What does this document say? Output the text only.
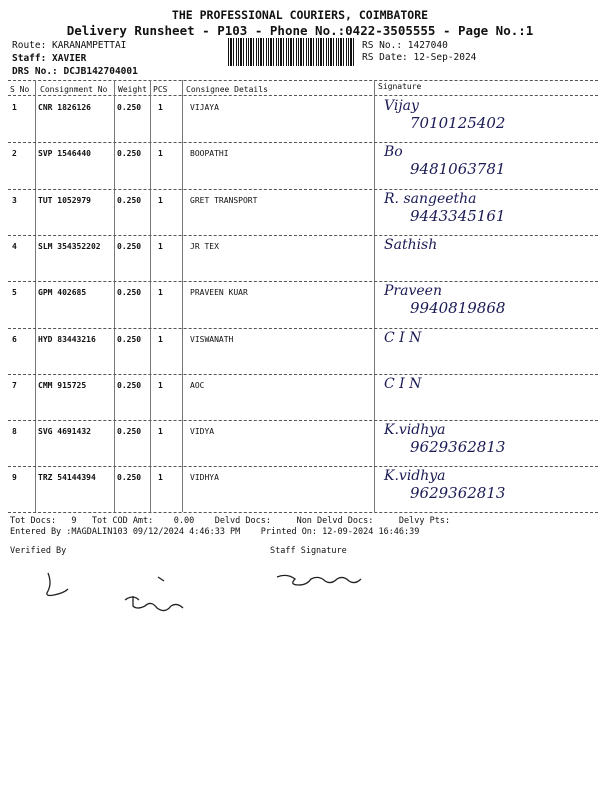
THE PROFESSIONAL COURIERS, COIMBATORE
Delivery Runsheet - P103 - Phone No.:0422-3505555 - Page No.:1
Route: KARANAMPETTAI
Staff: XAVIER
DRS No.: DCJB142704001
RS No.: 1427040
RS Date: 12-Sep-2024
S No Consignment No Weight PCS Consignee Details	Signature
1	CNR 1826126	0.250 1	VIJAYA	Vijay
7010125402
2	SVP 1546440	0.250 1	BOOPATHI	Bo
9481063781
3	TUT 1052979	0.250 1	GRET TRANSPORT	R. sangeetha
9443345161
4	SLM 354352202 0.250 1	JR TEX	Sathish
5	GPM 402685	0.250 1	PRAVEEN KUAR	Praveen
9940819868
6	HYD 83443216	0.250 1	VISWANATH	C I N
7	CMM 915725	0.250 1	AOC	C I N
8	SVG 4691432	0.250 1	VIDYA	K.vidhya
9629362813
9	TRZ 54144394	0.250 1	VIDHYA	K.vidhya
9629362813
Tot Docs:   9   Tot COD Amt:    0.00    Delvd Docs:     Non Delvd Docs:     Delvy Pts:
Entered By :MAGDALIN103 09/12/2024 4:46:33 PM    Printed On: 12-09-2024 16:46:39
Verified By	Staff Signature
